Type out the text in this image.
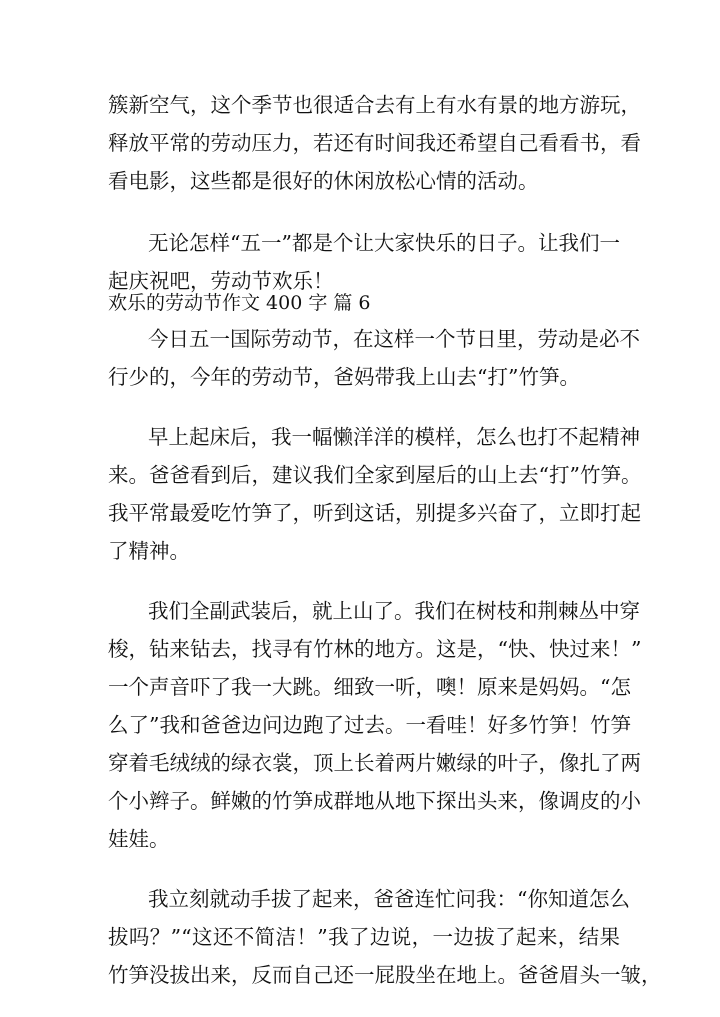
簇新空气，这个季节也很适合去有上有水有景的地方游玩，
释放平常的劳动压力，若还有时间我还希望自己看看书，看
看电影，这些都是很好的休闲放松心情的活动。
无论怎样“五一”都是个让大家快乐的日子。让我们一
起庆祝吧，劳动节欢乐！
欢乐的劳动节作文 400 字 篇 6
今日五一国际劳动节，在这样一个节日里，劳动是必不
行少的，今年的劳动节，爸妈带我上山去“打”竹笋。
早上起床后，我一幅懒洋洋的模样，怎么也打不起精神
来。爸爸看到后，建议我们全家到屋后的山上去“打”竹笋。
我平常最爱吃竹笋了，听到这话，别提多兴奋了，立即打起
了精神。
我们全副武装后，就上山了。我们在树枝和荆棘丛中穿
梭，钻来钻去，找寻有竹林的地方。这是，“快、快过来！”
一个声音吓了我一大跳。细致一听，噢！原来是妈妈。“怎
么了”我和爸爸边问边跑了过去。一看哇！好多竹笋！竹笋
穿着毛绒绒的绿衣裳，顶上长着两片嫩绿的叶子，像扎了两
个小辫子。鲜嫩的竹笋成群地从地下探出头来，像调皮的小
娃娃。
我立刻就动手拔了起来，爸爸连忙问我：“你知道怎么
拔吗？”“这还不简洁！”我了边说，一边拔了起来，结果
竹笋没拔出来，反而自己还一屁股坐在地上。爸爸眉头一皱，
